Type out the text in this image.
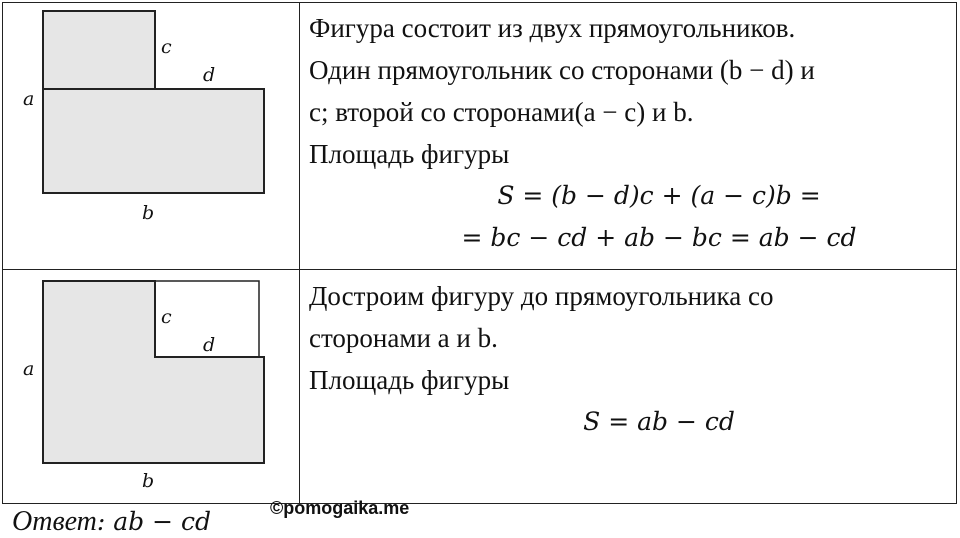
a
b
c
d
Фигура состоит из двух прямоугольников.
Один прямоугольник со сторонами (b − d) и
c; второй со сторонами(a − c) и b.
Площадь фигуры
S = (b − d)c + (a − c)b =
= bc − cd + ab − bc = ab − cd
a
b
c
d
Достроим фигуру до прямоугольника со
сторонами a и b.
Площадь фигуры
S = ab − cd
Ответ: ab − cd	©pomogaika.me
